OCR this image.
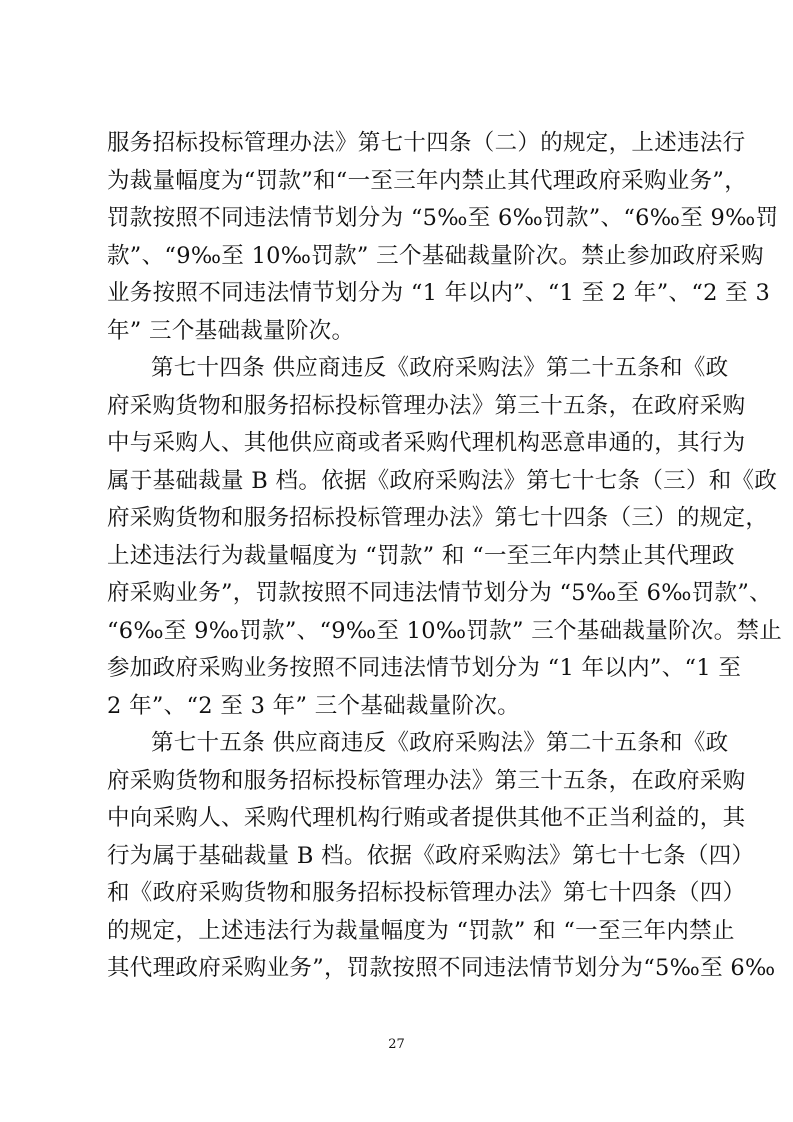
服务招标投标管理办法》第七十四条（二）的规定，上述违法行
为裁量幅度为“罚款”和“一至三年内禁止其代理政府采购业务”，
罚款按照不同违法情节划分为 “5‰至 6‰罚款”、“6‰至 9‰罚
款”、“9‰至 10‰罚款” 三个基础裁量阶次。禁止参加政府采购
业务按照不同违法情节划分为 “1 年以内”、“1 至 2 年”、“2 至 3
年” 三个基础裁量阶次。
第七十四条 供应商违反《政府采购法》第二十五条和《政
府采购货物和服务招标投标管理办法》第三十五条，在政府采购
中与采购人、其他供应商或者采购代理机构恶意串通的，其行为
属于基础裁量 B 档。依据《政府采购法》第七十七条（三）和《政
府采购货物和服务招标投标管理办法》第七十四条（三）的规定，
上述违法行为裁量幅度为 “罚款” 和 “一至三年内禁止其代理政
府采购业务”，罚款按照不同违法情节划分为 “5‰至 6‰罚款”、
“6‰至 9‰罚款”、“9‰至 10‰罚款” 三个基础裁量阶次。禁止
参加政府采购业务按照不同违法情节划分为 “1 年以内”、“1 至
2 年”、“2 至 3 年” 三个基础裁量阶次。
第七十五条 供应商违反《政府采购法》第二十五条和《政
府采购货物和服务招标投标管理办法》第三十五条，在政府采购
中向采购人、采购代理机构行贿或者提供其他不正当利益的，其
行为属于基础裁量 B 档。依据《政府采购法》第七十七条（四）
和《政府采购货物和服务招标投标管理办法》第七十四条（四）
的规定，上述违法行为裁量幅度为 “罚款” 和 “一至三年内禁止
其代理政府采购业务”，罚款按照不同违法情节划分为“5‰至 6‰
27
